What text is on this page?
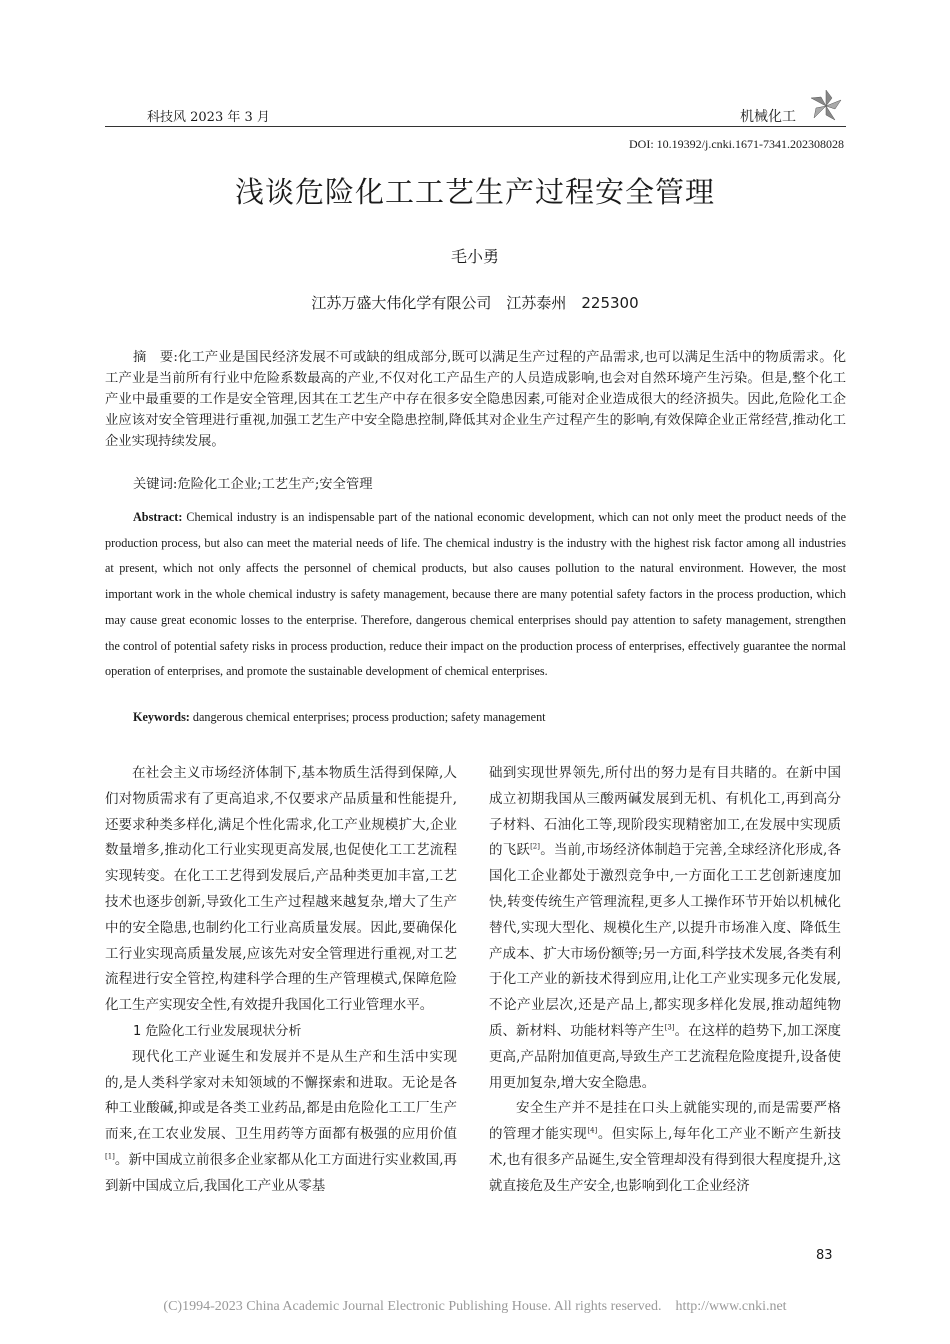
科技风 2023 年 3 月	机械化工
DOI: 10.19392/j.cnki.1671-7341.202308028
浅谈危险化工工艺生产过程安全管理
毛小勇
江苏万盛大伟化学有限公司　江苏泰州　225300
摘　要:化工产业是国民经济发展不可或缺的组成部分,既可以满足生产过程的产品需求,也可以满足生活中的物质需求。化工产业是当前所有行业中危险系数最高的产业,不仅对化工产品生产的人员造成影响,也会对自然环境产生污染。但是,整个化工产业中最重要的工作是安全管理,因其在工艺生产中存在很多安全隐患因素,可能对企业造成很大的经济损失。因此,危险化工企业应该对安全管理进行重视,加强工艺生产中安全隐患控制,降低其对企业生产过程产生的影响,有效保障企业正常经营,推动化工企业实现持续发展。
关键词:危险化工企业;工艺生产;安全管理
Abstract: Chemical industry is an indispensable part of the national economic development, which can not only meet the product needs of the production process, but also can meet the material needs of life. The chemical industry is the industry with the highest risk factor among all industries at present, which not only affects the personnel of chemical products, but also causes pollution to the natural environment. However, the most important work in the whole chemical industry is safety management, because there are many potential safety factors in the process production, which may cause great economic losses to the enterprise. Therefore, dangerous chemical enterprises should pay attention to safety management, strengthen the control of potential safety risks in process production, reduce their impact on the production process of enterprises, effectively guarantee the normal operation of enterprises, and promote the sustainable development of chemical enterprises.
Keywords: dangerous chemical enterprises; process production; safety management

在社会主义市场经济体制下,基本物质生活得到保障,人们对物质需求有了更高追求,不仅要求产品质量和性能提升,还要求种类多样化,满足个性化需求,化工产业规模扩大,企业数量增多,推动化工行业实现更高发展,也促使化工工艺流程实现转变。在化工工艺得到发展后,产品种类更加丰富,工艺技术也逐步创新,导致化工生产过程越来越复杂,增大了生产中的安全隐患,也制约化工行业高质量发展。因此,要确保化工行业实现高质量发展,应该先对安全管理进行重视,对工艺流程进行安全管控,构建科学合理的生产管理模式,保障危险化工生产实现安全性,有效提升我国化工行业管理水平。

1 危险化工行业发展现状分析

现代化工产业诞生和发展并不是从生产和生活中实现的,是人类科学家对未知领域的不懈探索和进取。无论是各种工业酸碱,抑或是各类工业药品,都是由危险化工工厂生产而来,在工农业发展、卫生用药等方面都有极强的应用价值[1]。新中国成立前很多企业家都从化工方面进行实业救国,再到新中国成立后,我国化工产业从零基

础到实现世界领先,所付出的努力是有目共睹的。在新中国成立初期我国从三酸两碱发展到无机、有机化工,再到高分子材料、石油化工等,现阶段实现精密加工,在发展中实现质的飞跃[2]。当前,市场经济体制趋于完善,全球经济化形成,各国化工企业都处于激烈竞争中,一方面化工工艺创新速度加快,转变传统生产管理流程,更多人工操作环节开始以机械化替代,实现大型化、规模化生产,以提升市场准入度、降低生产成本、扩大市场份额等;另一方面,科学技术发展,各类有利于化工产业的新技术得到应用,让化工产业实现多元化发展,不论产业层次,还是产品上,都实现多样化发展,推动超纯物质、新材料、功能材料等产生[3]。在这样的趋势下,加工深度更高,产品附加值更高,导致生产工艺流程危险度提升,设备使用更加复杂,增大安全隐患。

安全生产并不是挂在口头上就能实现的,而是需要严格的管理才能实现[4]。但实际上,每年化工产业不断产生新技术,也有很多产品诞生,安全管理却没有得到很大程度提升,这就直接危及生产安全,也影响到化工企业经济

83
(C)1994-2023 China Academic Journal Electronic Publishing House. All rights reserved.　http://www.cnki.net
